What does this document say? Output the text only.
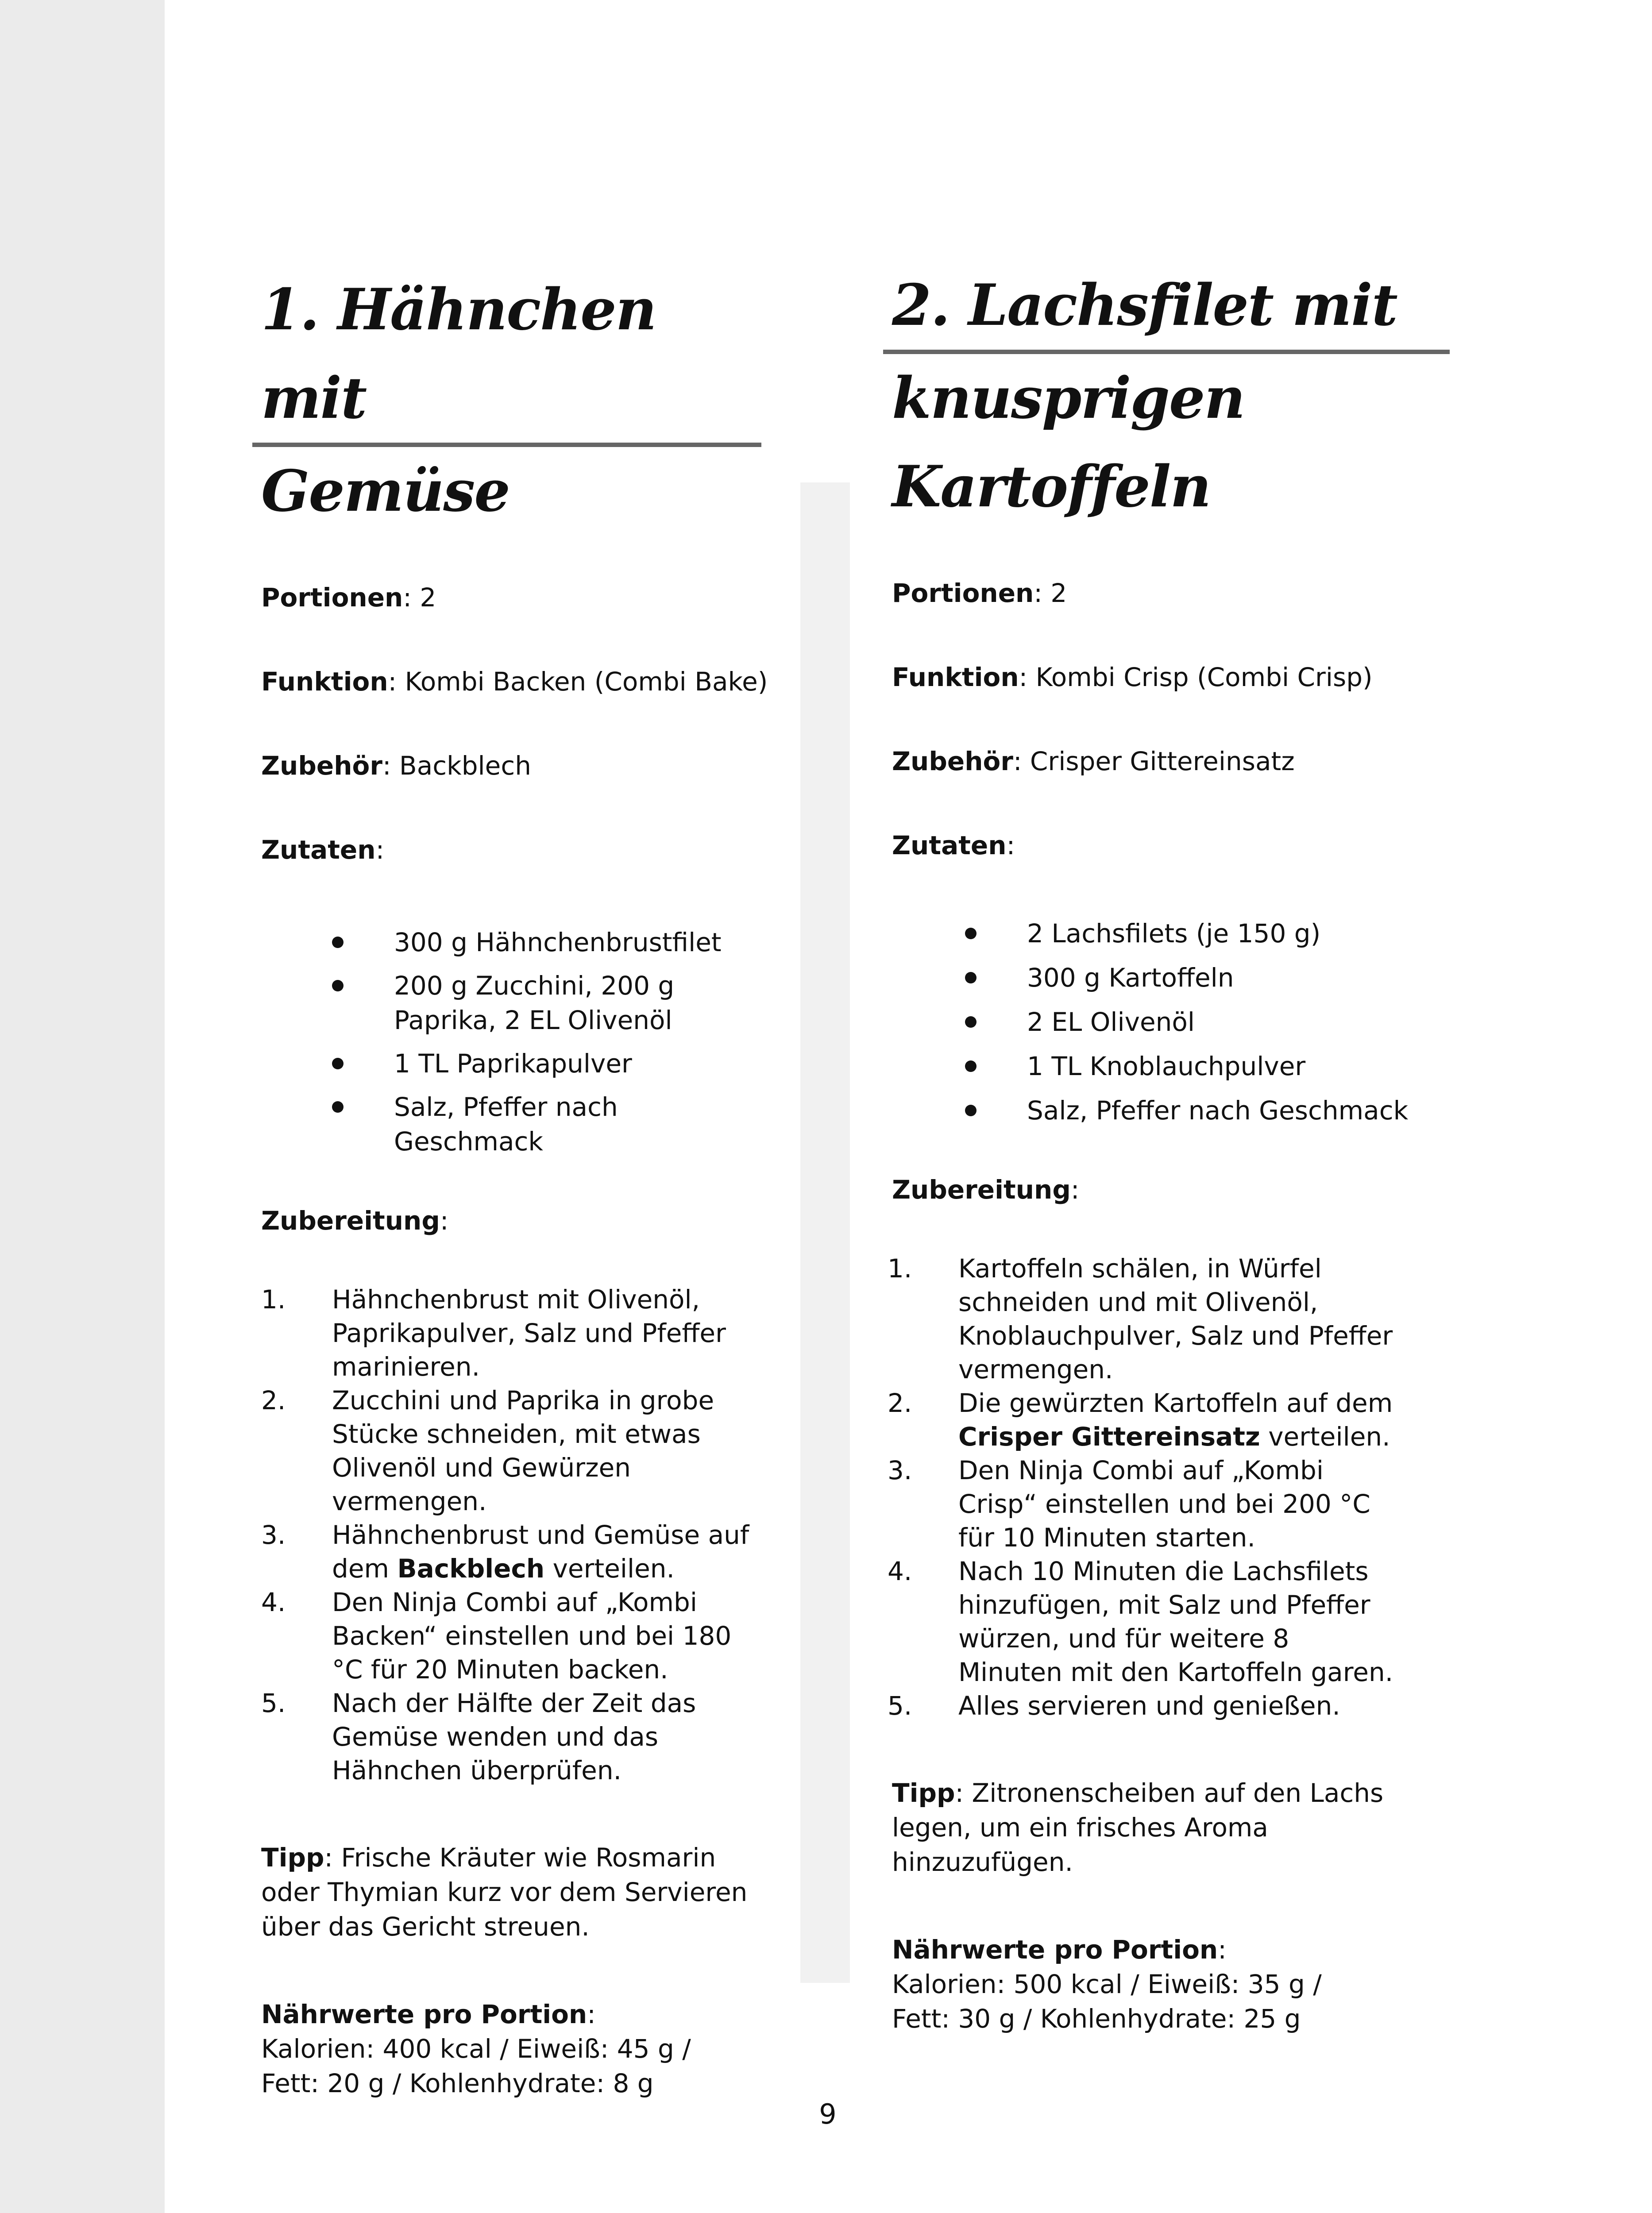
1. Hähnchen mit
Gemüse

Portionen: 2

Funktion: Kombi Backen (Combi Bake)

Zubehör: Backblech

Zutaten:

300 g Hähnchenbrustfilet
200 g Zucchini, 200 g
Paprika, 2 EL Olivenöl
1 TL Paprikapulver
Salz, Pfeffer nach Geschmack

Zubereitung:

1. Hähnchenbrust mit Olivenöl,
Paprikapulver, Salz und Pfeffer
marinieren.
2. Zucchini und Paprika in grobe
Stücke schneiden, mit etwas
Olivenöl und Gewürzen
vermengen.
3. Hähnchenbrust und Gemüse auf
dem Backblech verteilen.
4. Den Ninja Combi auf „Kombi
Backen“ einstellen und bei 180
°C für 20 Minuten backen.
5. Nach der Hälfte der Zeit das
Gemüse wenden und das
Hähnchen überprüfen.

Tipp: Frische Kräuter wie Rosmarin
oder Thymian kurz vor dem Servieren
über das Gericht streuen.

Nährwerte pro Portion:

Kalorien: 400 kcal / Eiweiß: 45 g /
Fett: 20 g / Kohlenhydrate: 8 g

2. Lachsfilet mit
knusprigen
Kartoffeln

Portionen: 2

Funktion: Kombi Crisp (Combi Crisp)

Zubehör: Crisper Gittereinsatz

Zutaten:

2 Lachsfilets (je 150 g)
300 g Kartoffeln
2 EL Olivenöl
1 TL Knoblauchpulver
Salz, Pfeffer nach Geschmack

Zubereitung:

1. Kartoffeln schälen, in Würfel
schneiden und mit Olivenöl,
Knoblauchpulver, Salz und Pfeffer
vermengen.
2. Die gewürzten Kartoffeln auf dem
Crisper Gittereinsatz verteilen.
3. Den Ninja Combi auf „Kombi
Crisp“ einstellen und bei 200 °C
für 10 Minuten starten.
4. Nach 10 Minuten die Lachsfilets
hinzufügen, mit Salz und Pfeffer
würzen, und für weitere 8
Minuten mit den Kartoffeln garen.
5. Alles servieren und genießen.

Tipp: Zitronenscheiben auf den Lachs
legen, um ein frisches Aroma
hinzuzufügen.

Nährwerte pro Portion:

Kalorien: 500 kcal / Eiweiß: 35 g /
Fett: 30 g / Kohlenhydrate: 25 g

9
